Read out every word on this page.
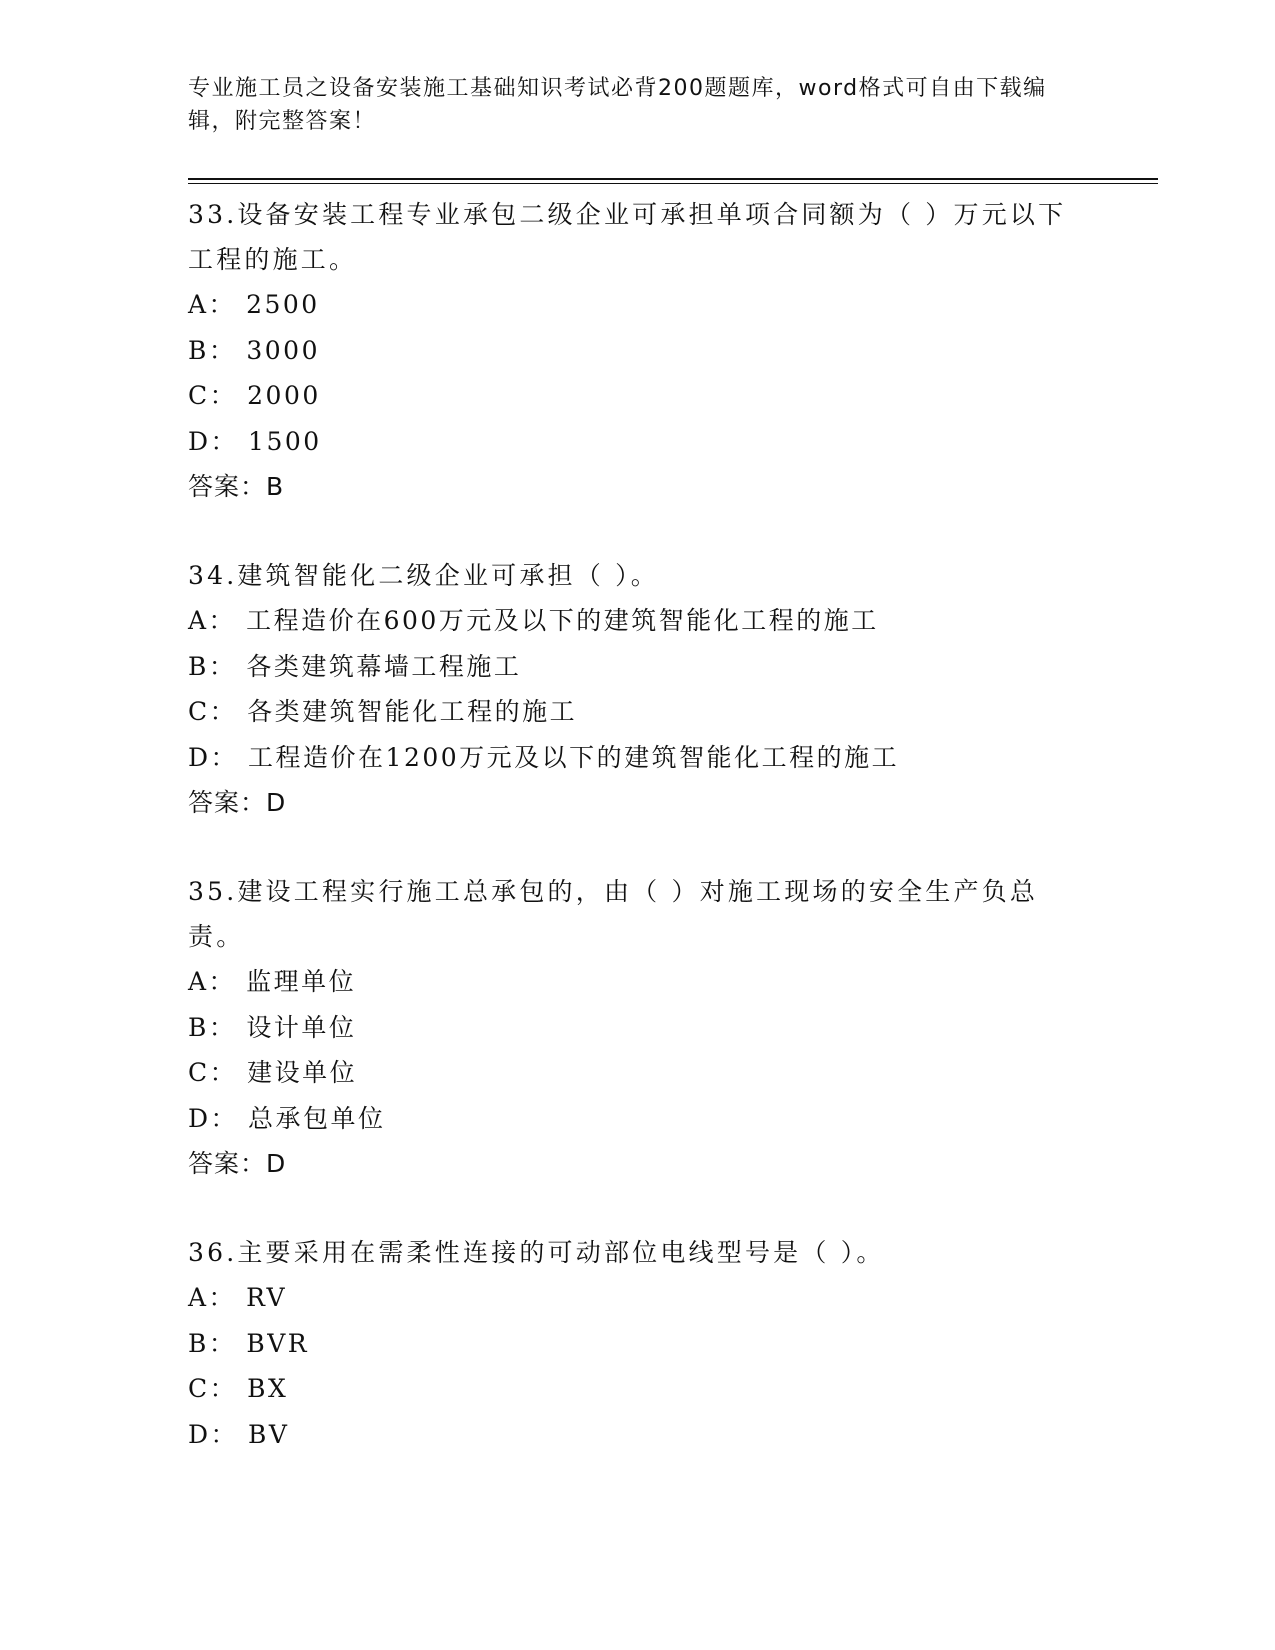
专业施工员之设备安装施工基础知识考试必背200题题库，word格式可自由下载编辑，附完整答案！

33.设备安装工程专业承包二级企业可承担单项合同额为（ ）万元以下工程的施工。

A： 2500
B： 3000
C： 2000
D： 1500
答案：B

34.建筑智能化二级企业可承担（ ）。

A： 工程造价在600万元及以下的建筑智能化工程的施工
B： 各类建筑幕墙工程施工
C： 各类建筑智能化工程的施工
D： 工程造价在1200万元及以下的建筑智能化工程的施工
答案：D

35.建设工程实行施工总承包的，由（ ）对施工现场的安全生产负总责。

A： 监理单位
B： 设计单位
C： 建设单位
D： 总承包单位
答案：D

36.主要采用在需柔性连接的可动部位电线型号是（ ）。

A： RV
B： BVR
C： BX
D： BV
